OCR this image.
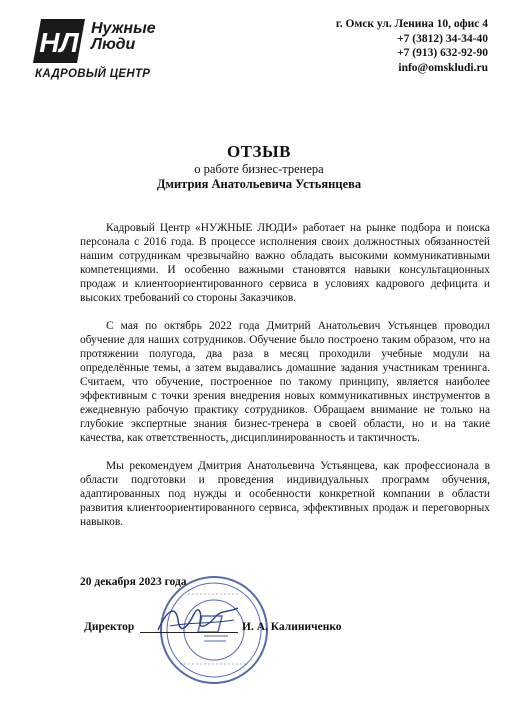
НЛ Нужные
Люди
КАДРОВЫЙ ЦЕНТР
г. Омск ул. Ленина 10, офис 4
+7 (3812) 34-34-40
+7 (913) 632-92-90
info@omskludi.ru
ОТЗЫВ
о работе бизнес-тренера
Дмитрия Анатольевича Устьянцева

Кадровый Центр «НУЖНЫЕ ЛЮДИ» работает на рынке подбора и поиска персонала с 2016 года. В процессе исполнения своих должностных обязанностей нашим сотрудникам чрезвычайно важно обладать высокими коммуникативными компетенциями. И особенно важными становятся навыки консультационных продаж и клиентоориентированного сервиса в условиях кадрового дефицита и высоких требований со стороны Заказчиков.

С мая по октябрь 2022 года Дмитрий Анатольевич Устьянцев проводил обучение для наших сотрудников. Обучение было построено таким образом, что на протяжении полугода, два раза в месяц проходили учебные модули на определённые темы, а затем выдавались домашние задания участникам тренинга. Считаем, что обучение, построенное по такому принципу, является наиболее эффективным с точки зрения внедрения новых коммуникативных инструментов в ежедневную рабочую практику сотрудников. Обращаем внимание не только на глубокие экспертные знания бизнес-тренера в своей области, но и на такие качества, как ответственность, дисциплинированность и тактичность.

Мы рекомендуем Дмитрия Анатольевича Устьянцева, как профессионала в области подготовки и проведения индивидуальных программ обучения, адаптированных под нужды и особенности конкретной компании в области развития клиентоориентированного сервиса, эффективных продаж и переговорных навыков.

20 декабря 2023 года
Директор	И. А. Калиниченко
